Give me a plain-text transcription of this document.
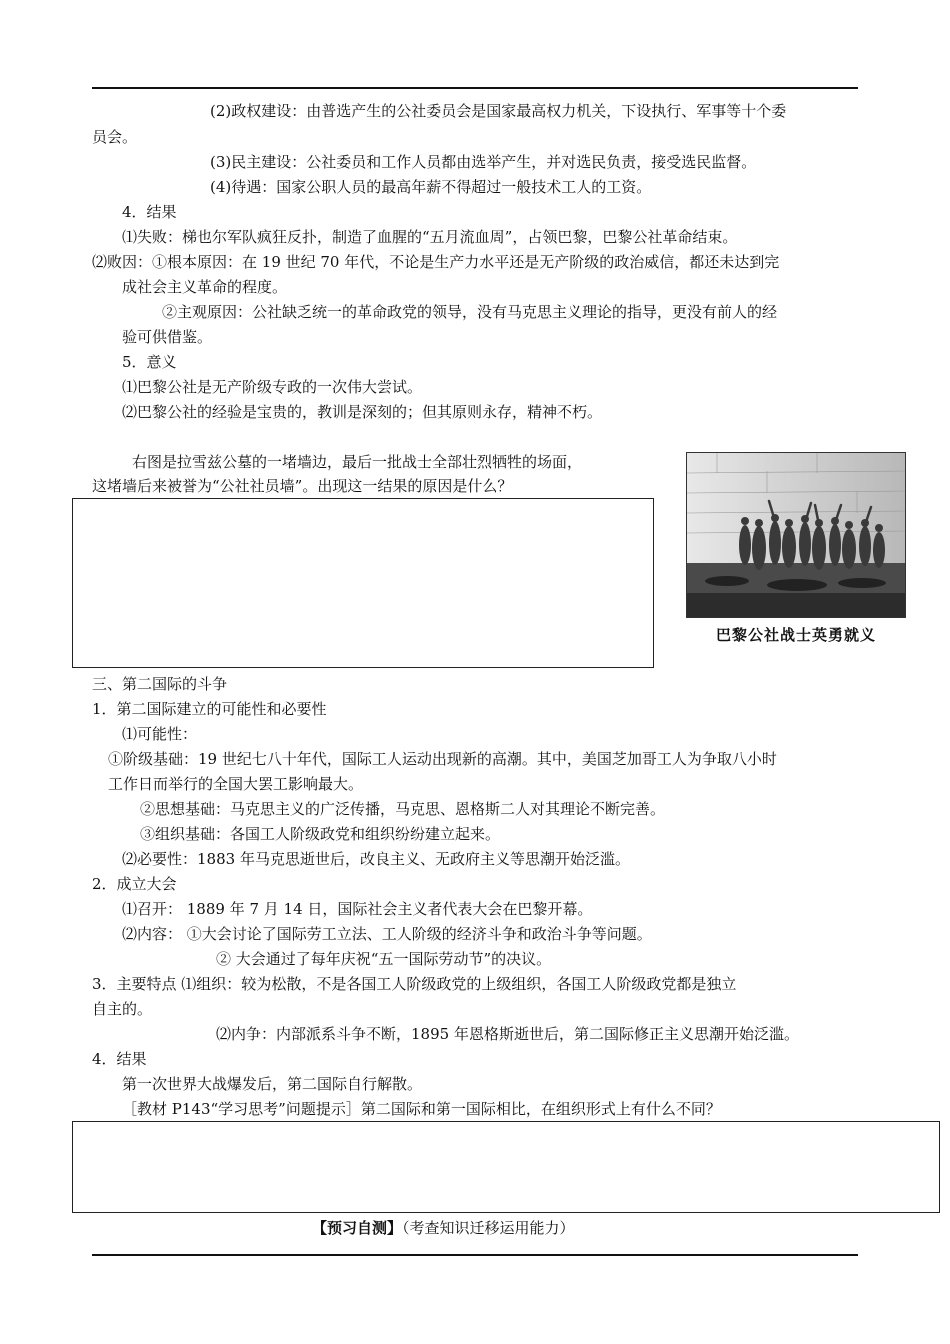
(2)政权建设：由普选产生的公社委员会是国家最高权力机关，下设执行、军事等十个委
员会。
(3)民主建设：公社委员和工作人员都由选举产生，并对选民负责，接受选民监督。
(4)待遇：国家公职人员的最高年薪不得超过一般技术工人的工资。
4．结果
⑴失败：梯也尔军队疯狂反扑，制造了血腥的“五月流血周”，占领巴黎，巴黎公社革命结束。
⑵败因：①根本原因：在 19 世纪 70 年代，不论是生产力水平还是无产阶级的政治威信，都还未达到完
成社会主义革命的程度。
②主观原因：公社缺乏统一的革命政党的领导，没有马克思主义理论的指导，更没有前人的经
验可供借鉴。
5．意义
⑴巴黎公社是无产阶级专政的一次伟大尝试。
⑵巴黎公社的经验是宝贵的，教训是深刻的；但其原则永存，精神不朽。
右图是拉雪兹公墓的一堵墙边，最后一批战士全部壮烈牺牲的场面，
这堵墙后来被誉为“公社社员墙”。出现这一结果的原因是什么？
巴黎公社战士英勇就义
三、第二国际的斗争
1．第二国际建立的可能性和必要性
⑴可能性：
①阶级基础：19 世纪七八十年代，国际工人运动出现新的高潮。其中，美国芝加哥工人为争取八小时
工作日而举行的全国大罢工影响最大。
②思想基础：马克思主义的广泛传播，马克思、恩格斯二人对其理论不断完善。
③组织基础：各国工人阶级政党和组织纷纷建立起来。
⑵必要性：1883 年马克思逝世后，改良主义、无政府主义等思潮开始泛滥。
2．成立大会
⑴召开： 1889 年 7 月 14 日，国际社会主义者代表大会在巴黎开幕。
⑵内容： ①大会讨论了国际劳工立法、工人阶级的经济斗争和政治斗争等问题。
② 大会通过了每年庆祝“五一国际劳动节”的决议。
3．主要特点 ⑴组织：较为松散，不是各国工人阶级政党的上级组织，各国工人阶级政党都是独立
自主的。
⑵内争：内部派系斗争不断，1895 年恩格斯逝世后，第二国际修正主义思潮开始泛滥。
4．结果
第一次世界大战爆发后，第二国际自行解散。
［教材 P143“学习思考”问题提示］第二国际和第一国际相比，在组织形式上有什么不同？
【预习自测】（考查知识迁移运用能力）
